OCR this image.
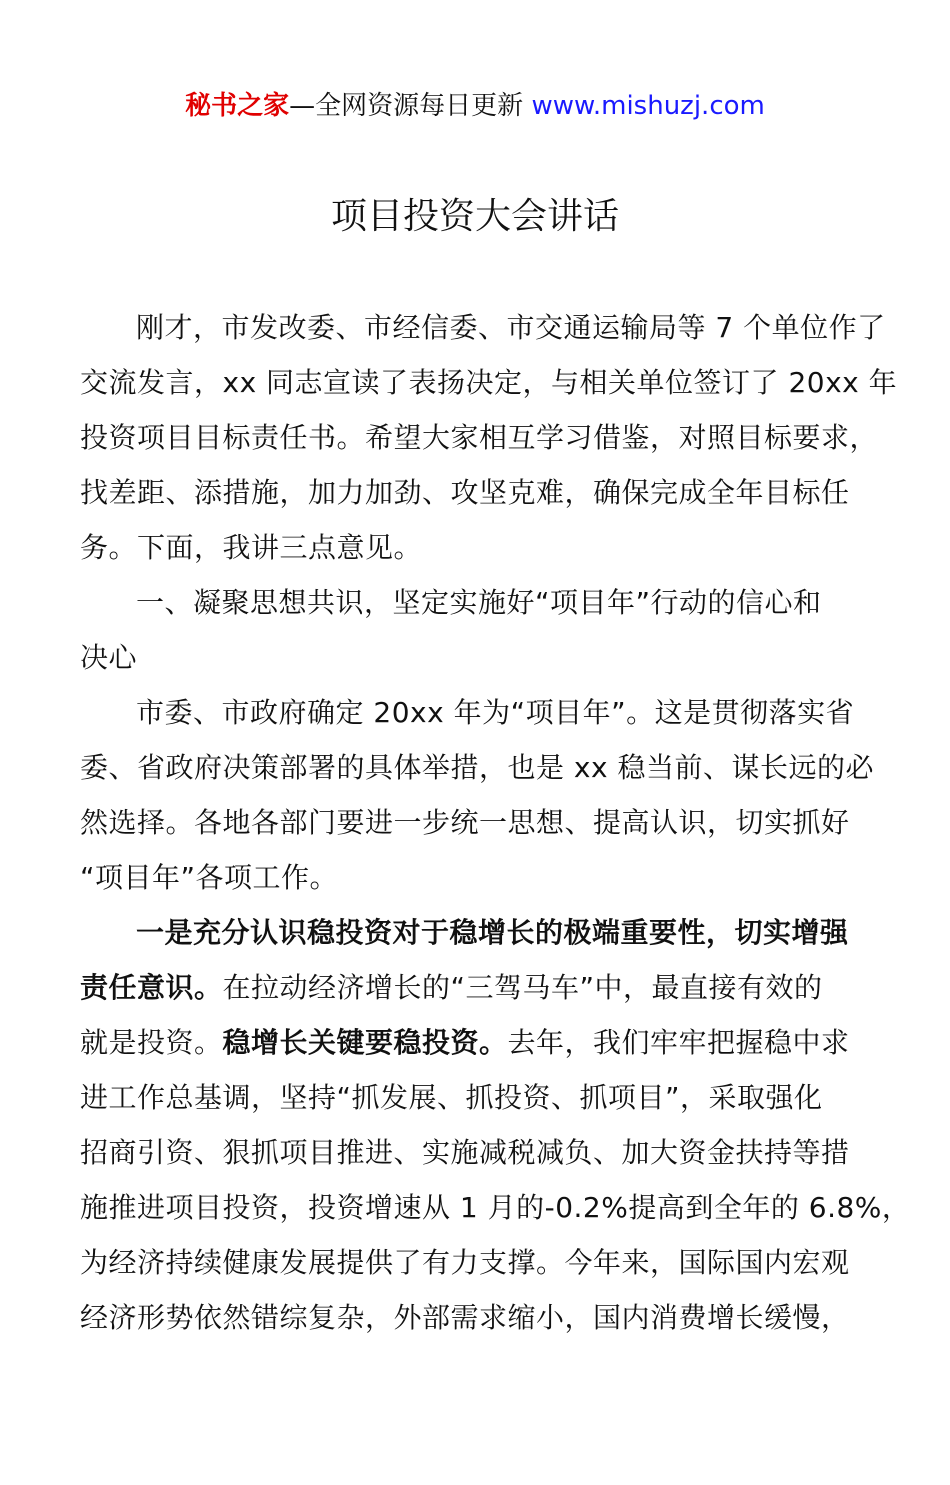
秘书之家—全网资源每日更新 www.mishuzj.com
项目投资大会讲话
刚才，市发改委、市经信委、市交通运输局等 7 个单位作了
交流发言，xx 同志宣读了表扬决定，与相关单位签订了 20xx 年
投资项目目标责任书。希望大家相互学习借鉴，对照目标要求，
找差距、添措施，加力加劲、攻坚克难，确保完成全年目标任
务。下面，我讲三点意见。
一、凝聚思想共识，坚定实施好“项目年”行动的信心和
决心
市委、市政府确定 20xx 年为“项目年”。这是贯彻落实省
委、省政府决策部署的具体举措，也是 xx 稳当前、谋长远的必
然选择。各地各部门要进一步统一思想、提高认识，切实抓好
“项目年”各项工作。
一是充分认识稳投资对于稳增长的极端重要性，切实增强
责任意识。在拉动经济增长的“三驾马车”中，最直接有效的
就是投资。稳增长关键要稳投资。去年，我们牢牢把握稳中求
进工作总基调，坚持“抓发展、抓投资、抓项目”，采取强化
招商引资、狠抓项目推进、实施减税减负、加大资金扶持等措
施推进项目投资，投资增速从 1 月的-0.2%提高到全年的 6.8%，
为经济持续健康发展提供了有力支撑。今年来，国际国内宏观
经济形势依然错综复杂，外部需求缩小，国内消费增长缓慢，
